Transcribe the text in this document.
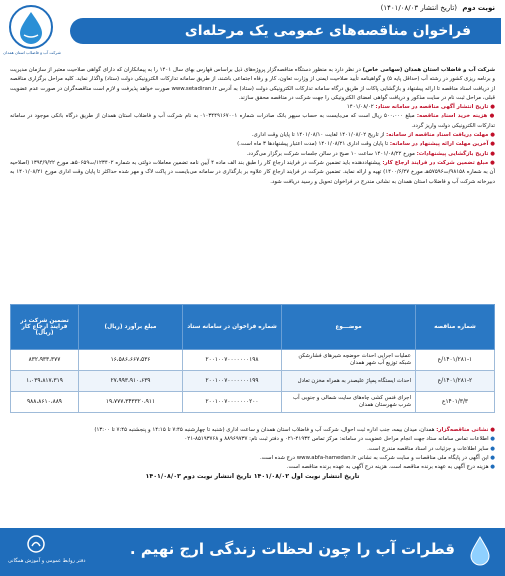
نوبت دوم
(تاریخ انتشار ۱۴۰۱/۰۸/۰۳)
فراخوان مناقصه‌های عمومی یک مرحله‌ای
شرکت آب و فاضلاب استان همدان

شرکت آب و فاضلاب استان همدان (سهامی خاص) در نظر دارد به منظور دستگاه مناقصه‌گزار پروژه‌های ذیل براساس فهارس بهای سال ۱۴۰۱ را به پیمانکاران که دارای گواهی صلاحیت معتبر از سازمان مدیریت و برنامه ریزی کشور در رشته آب (حداقل پایه ۵) و گواهینامه تأیید صلاحیت ایمنی از وزارت تعاون، کار و رفاه اجتماعی باشند، از طریق سامانه تدارکات الکترونیکی دولت (ستاد) واگذار نماید. کلیه مراحل برگزاری مناقصه از دریافت اسناد مناقصه تا ارائه پیشنهاد و بازگشایی پاکات از طریق درگاه سامانه تدارکات الکترونیکی دولت (ستاد) به آدرس www.setadiran.ir صورت خواهد پذیرفت و لازم است مناقصه‌گران در صورت عدم عضویت قبلی، مراحل ثبت نام در سایت مذکور و دریافت گواهی امضای الکترونیکی را جهت شرکت در مناقصه محقق سازند.

● تاریخ انتشار آگهی مناقصه در سامانه ستاد: ۱۴۰۱/۰۸/۰۲

● هزینه خرید اسناد مناقصه: مبلغ ۵۰۰،۰۰۰ ریال است که می‌بایست به حساب سپهر بانک صادرات شماره ۰۱۰۳۴۴۹۱۶۷۰۰۱ به نام شرکت آب و فاضلاب استان همدان از طریق درگاه بانکی موجود در سامانه تدارکات الکترونیکی دولت واریز گردد.

● مهلت دریافت اسناد مناقصه از سامانه: از تاریخ ۱۴۰۱/۰۸/۰۲ لغایت ۱۴۰۱/۰۸/۱۰ تا پایان وقت اداری.

● آخرین مهلت ارائه پیشنهاد در سامانه: تا پایان وقت اداری ۱۴۰۱/۰۸/۲۱ (مدت اعتبار پیشنهادها ۳ ماه است.)

● تاریخ بازگشایی پیشنهادات: مورخ ۱۴۰۱/۰۸/۲۲ ساعت ۱۰ صبح در سالن جلسات شرکت برگزار می‌گردد.

● مبلغ تضمین شرکت در فرایند ارجاع کار: پیشنهاددهنده باید تضمین شرکت در فرایند ارجاع کار را طبق بند الف ماده ۴ آیین نامه تضمین معاملات دولتی به شماره ۱۲۳۴۰۲/ت۵۰۶۵۹هـ مورخ ۱۳۹۴/۹/۲۲ (اصلاحیه آن به شماره ۹۸۱۵۸/ت۵۷۵۹۶هـ مورخ ۱۴۰۰/۶/۲۷) تهیه و ارائه نماید. تضمین شرکت در فرایند ارجاع کار علاوه بر بارگذاری در سامانه می‌بایست در پاکت لاک و مهر شده حداکثر تا پایان وقت اداری مورخ ۱۴۰۱/۰۸/۲۱ به دبیرخانه شرکت آب و فاضلاب استان همدان به نشانی مندرج در فراخوان تحویل و رسید دریافت شود.

شماره مناقصه	موضـــوع	شماره فراخوان در سامانه ستاد	مبلغ برآورد (ریال)	تضمین شرکت در فرایند ارجاع کار (ریال)
۱۴۰۱/۲۸۱-۱/ع	عملیات اجرایی احداث حوضچه شیرهای فشارشکن شبکه توزیع آب شهر همدان	۲۰۰۱۰۰۷۰۰۰۰۰۰۰۱۹۸	۱۶،۵۸۶،۶۶۷،۵۳۶	۸۳۲،۹۳۳،۳۷۷
۱۴۰۱/۲۸۱-۲/ع	احداث ایستگاه پمپاژ علیصدر به همراه مخزن تعادل	۲۰۰۱۰۰۷۰۰۰۰۰۰۰۱۹۹	۲۷،۹۹۳،۹۱۰،۶۳۹	۱،۰۳۹،۸۱۷،۳۱۹
۱۴۰۱/۳/۳ع	اجرای فنس کشی چاه‌های سایت شمالی و جنوبی آب شرب شهرستان همدان	۲۰۰۱۰۰۷۰۰۰۰۰۰۰۲۰۰	۱۹،۷۷۷،۳۴۳۳۲۰،۹۱۱	۹۸۸،۸۶۱۰،۸۸۹

● نشانی مناقصه‌گزار: همدان، میدان بیمه، جنب اداره ثبت احوال، شرکت آب و فاضلاب استان همدان و ساعت اداری (شنبه تا چهارشنبه ۷:۴۵ تا ۱۴:۱۵ و پنجشنبه ۷:۴۵ تا ۱۳:۰۰)

● اطلاعات تماس سامانه ستاد جهت انجام مراحل عضویت در سامانه: مرکز تماس ۴۱۹۳۴-۰۲۱ و دفتر ثبت نام: ۸۸۹۶۹۷۳۷ و ۸۵۱۹۳۷۶۸-۰۲۱

● سایر اطلاعات و جزئیات در اسناد مناقصه مندرج است.

● این آگهی در پایگاه ملی مناقصات و سایت شرکت به نشانی www.abfa-hamedan.ir درج شده است.

● هزینه درج آگهی به عهده برنده مناقصه است. هزینه درج آگهی به عهده برنده مناقصه است.

تاریخ انتشار نوبت اول ۱۴۰۱/۰۸/۰۲ تاریخ انتشار نوبت دوم ۱۴۰۱/۰۸/۰۳

قطرات آب را چون لحظات زندگی ارج نهیم .
دفتر روابط عمومی و آموزش همگانی
